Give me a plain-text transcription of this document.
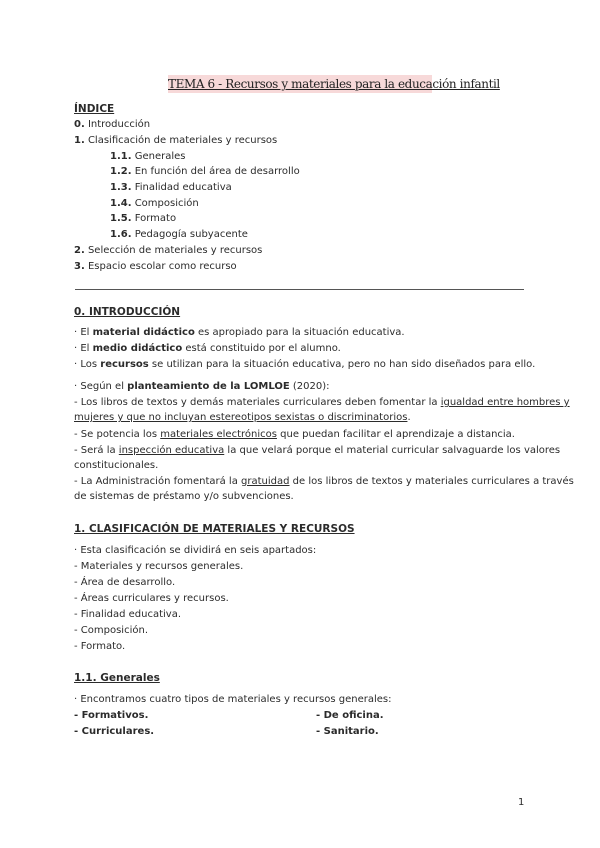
TEMA 6 - Recursos y materiales para la educación infantil
ÍNDICE
0. Introducción
1. Clasificación de materiales y recursos
1.1. Generales
1.2. En función del área de desarrollo
1.3. Finalidad educativa
1.4. Composición
1.5. Formato
1.6. Pedagogía subyacente
2. Selección de materiales y recursos
3. Espacio escolar como recurso
0. INTRODUCCIÓN
· El material didáctico es apropiado para la situación educativa.
· El medio didáctico está constituido por el alumno.
· Los recursos se utilizan para la situación educativa, pero no han sido diseñados para ello.
· Según el planteamiento de la LOMLOE (2020):
- Los libros de textos y demás materiales curriculares deben fomentar la igualdad entre hombres y
mujeres y que no incluyan estereotipos sexistas o discriminatorios.
- Se potencia los materiales electrónicos que puedan facilitar el aprendizaje a distancia.
- Será la inspección educativa la que velará porque el material curricular salvaguarde los valores
constitucionales.
- La Administración fomentará la gratuidad de los libros de textos y materiales curriculares a través
de sistemas de préstamo y/o subvenciones.
1. CLASIFICACIÓN DE MATERIALES Y RECURSOS
· Esta clasificación se dividirá en seis apartados:
- Materiales y recursos generales.
- Área de desarrollo.
- Áreas curriculares y recursos.
- Finalidad educativa.
- Composición.
- Formato.
1.1. Generales
· Encontramos cuatro tipos de materiales y recursos generales:
- Formativos.
- Curriculares.
- De oficina.
- Sanitario.
1
